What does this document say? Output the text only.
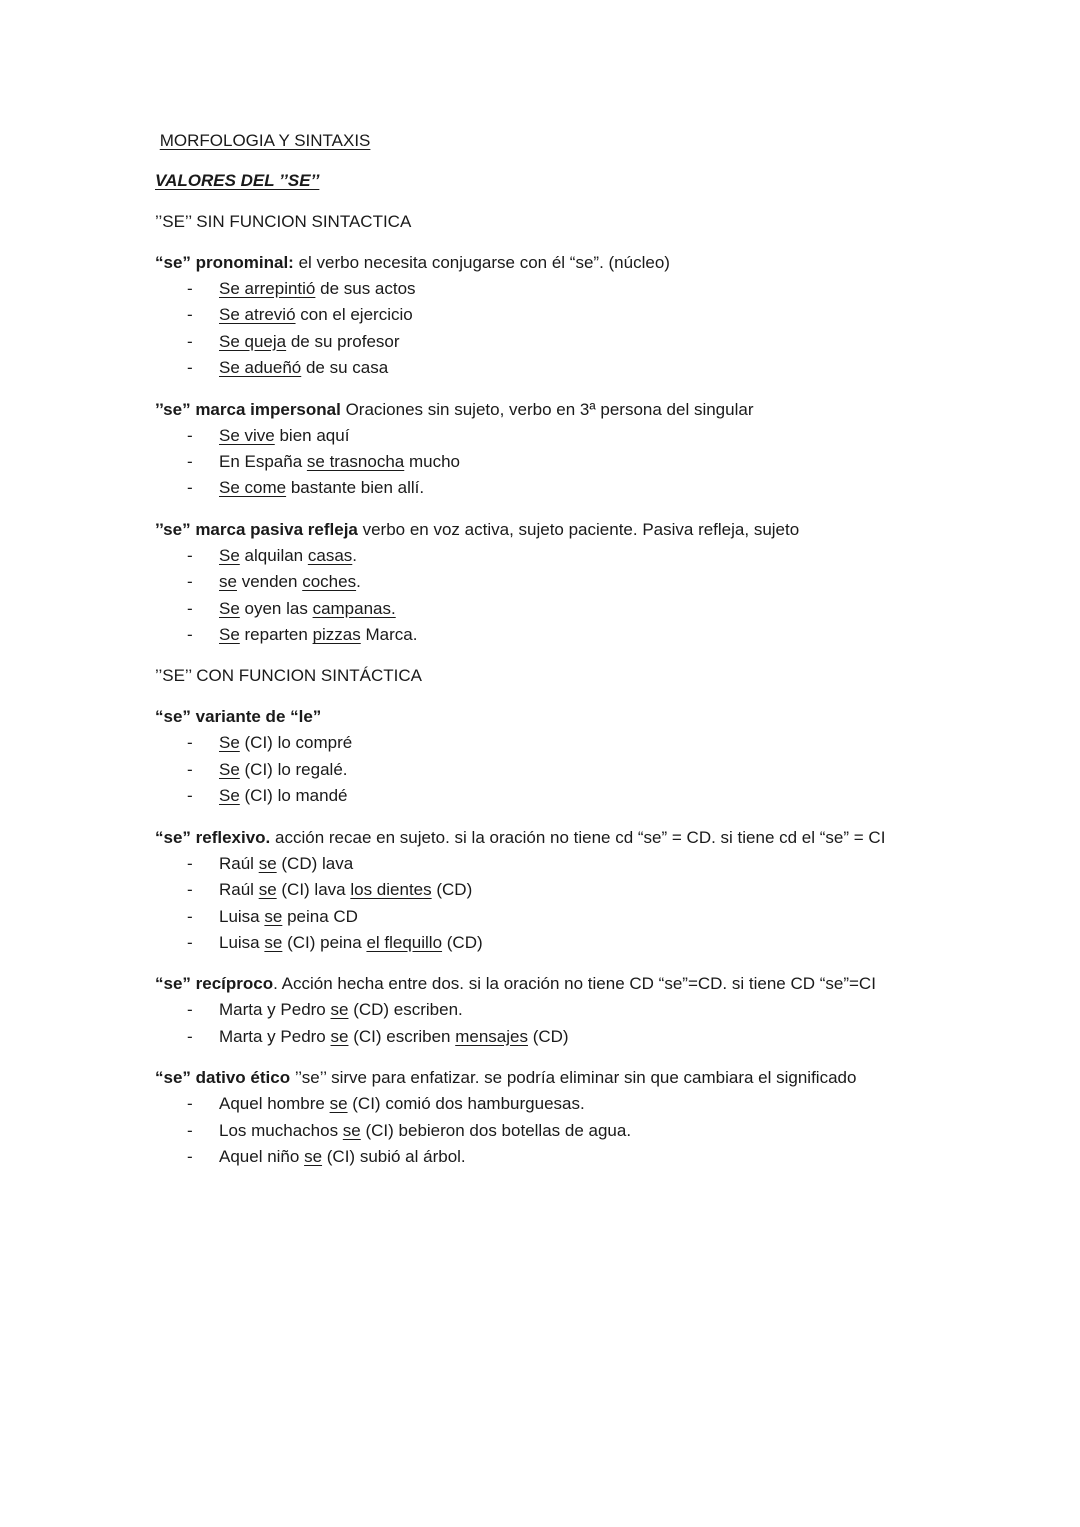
MORFOLOGIA Y SINTAXIS

VALORES DEL ’’SE’’

’’SE’’ SIN FUNCION SINTACTICA

“se” pronominal: el verbo necesita conjugarse con él “se”. (núcleo)

- Se arrepintió de sus actos
- Se atrevió con el ejercicio
- Se queja de su profesor
- Se adueñó de su casa

’’se” marca impersonal Oraciones sin sujeto, verbo en 3ª persona del singular

- Se vive bien aquí
- En España se trasnocha mucho
- Se come bastante bien allí.

’’se” marca pasiva refleja verbo en voz activa, sujeto paciente. Pasiva refleja, sujeto

- Se alquilan casas.
- se venden coches.
- Se oyen las campanas.
- Se reparten pizzas Marca.

’’SE’’ CON FUNCION SINTÁCTICA

“se” variante de “le”

- Se (CI) lo compré
- Se (CI) lo regalé.
- Se (CI) lo mandé

“se” reflexivo. acción recae en sujeto. si la oración no tiene cd “se” = CD. si tiene cd el “se” = CI

- Raúl se (CD) lava
- Raúl se (CI) lava los dientes (CD)
- Luisa se peina CD
- Luisa se (CI) peina el flequillo (CD)

“se” recíproco. Acción hecha entre dos. si la oración no tiene CD “se”=CD. si tiene CD “se”=CI

- Marta y Pedro se (CD) escriben.
- Marta y Pedro se (CI) escriben mensajes (CD)

“se” dativo ético ’’se’’ sirve para enfatizar. se podría eliminar sin que cambiara el significado

- Aquel hombre se (CI) comió dos hamburguesas.
- Los muchachos se (CI) bebieron dos botellas de agua.
- Aquel niño se (CI) subió al árbol.
